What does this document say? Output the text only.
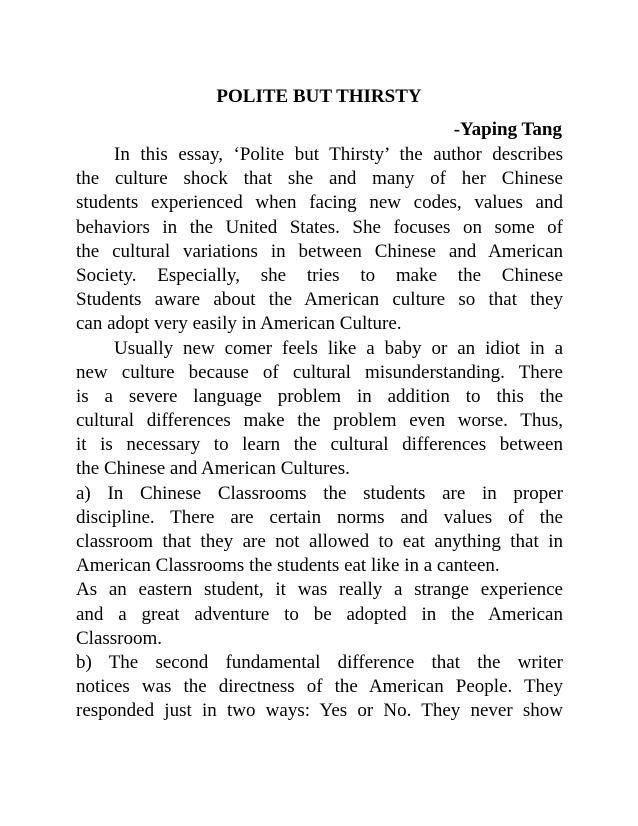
POLITE BUT THIRSTY
-Yaping Tang
In this essay, ‘Polite but Thirsty’ the author describes
the culture shock that she and many of her Chinese
students experienced when facing new codes, values and
behaviors in the United States. She focuses on some of
the cultural variations in between Chinese and American
Society. Especially, she tries to make the Chinese
Students aware about the American culture so that they
can adopt very easily in American Culture.
Usually new comer feels like a baby or an idiot in a
new culture because of cultural misunderstanding. There
is a severe language problem in addition to this the
cultural differences make the problem even worse. Thus,
it is necessary to learn the cultural differences between
the Chinese and American Cultures.
a) In Chinese Classrooms the students are in proper
discipline. There are certain norms and values of the
classroom that they are not allowed to eat anything that in
American Classrooms the students eat like in a canteen.
As an eastern student, it was really a strange experience
and a great adventure to be adopted in the American
Classroom.
b) The second fundamental difference that the writer
notices was the directness of the American People. They
responded just in two ways: Yes or No. They never show
